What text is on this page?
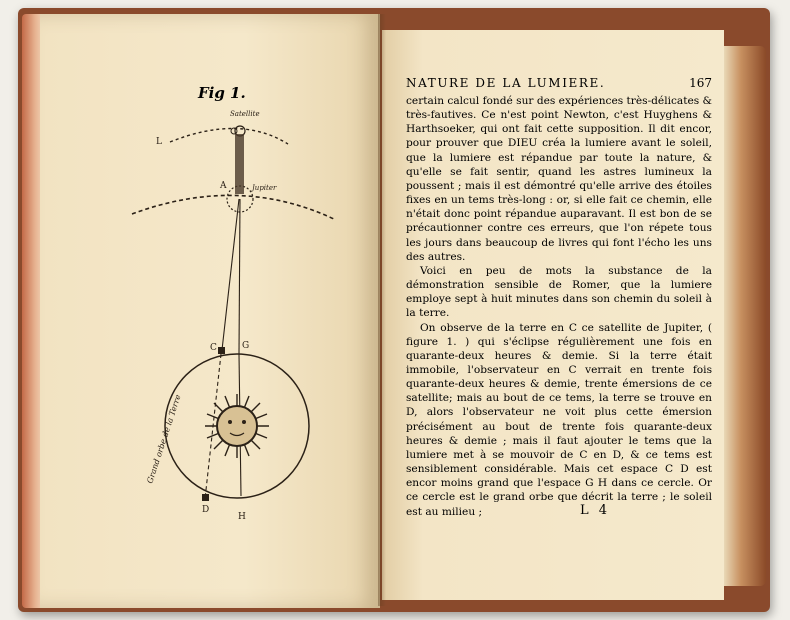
Fig 1.
Satellite
L
A	Jupiter
C	G
D
H
Grand orbe de la Terre
NATURE DE LA LUMIERE.	167

certain calcul fondé sur des expériences très-délicates & très-fautives. Ce n'est point Newton, c'est Huyghens & Harthsoeker, qui ont fait cette supposition. Il dit encor, pour prouver que DIEU créa la lumiere avant le soleil, que la lumiere est répandue par toute la nature, & qu'elle se fait sentir, quand les astres lumineux la poussent ; mais il est démontré qu'elle arrive des étoiles fixes en un tems très-long : or, si elle fait ce chemin, elle n'était donc point répandue auparavant. Il est bon de se précautionner contre ces erreurs, que l'on répete tous les jours dans beaucoup de livres qui font l'écho les uns des autres.

Voici en peu de mots la substance de la démonstration sensible de Romer, que la lumiere employe sept à huit minutes dans son chemin du soleil à la terre.

On observe de la terre en C ce satellite de Jupiter, ( figure 1. ) qui s'éclipse régulièrement une fois en quarante-deux heures & demie. Si la terre était immobile, l'observateur en C verrait en trente fois quarante-deux heures & demie, trente émersions de ce satellite; mais au bout de ce tems, la terre se trouve en D, alors l'observateur ne voit plus cette émersion précisément au bout de trente fois quarante-deux heures & demie ; mais il faut ajouter le tems que la lumiere met à se mouvoir de C en D, & ce tems est sensiblement considérable. Mais cet espace C D est encor moins grand que l'espace G H dans ce cercle. Or ce cercle est le grand orbe que décrit la terre ; le soleil est au milieu ;	L 4
